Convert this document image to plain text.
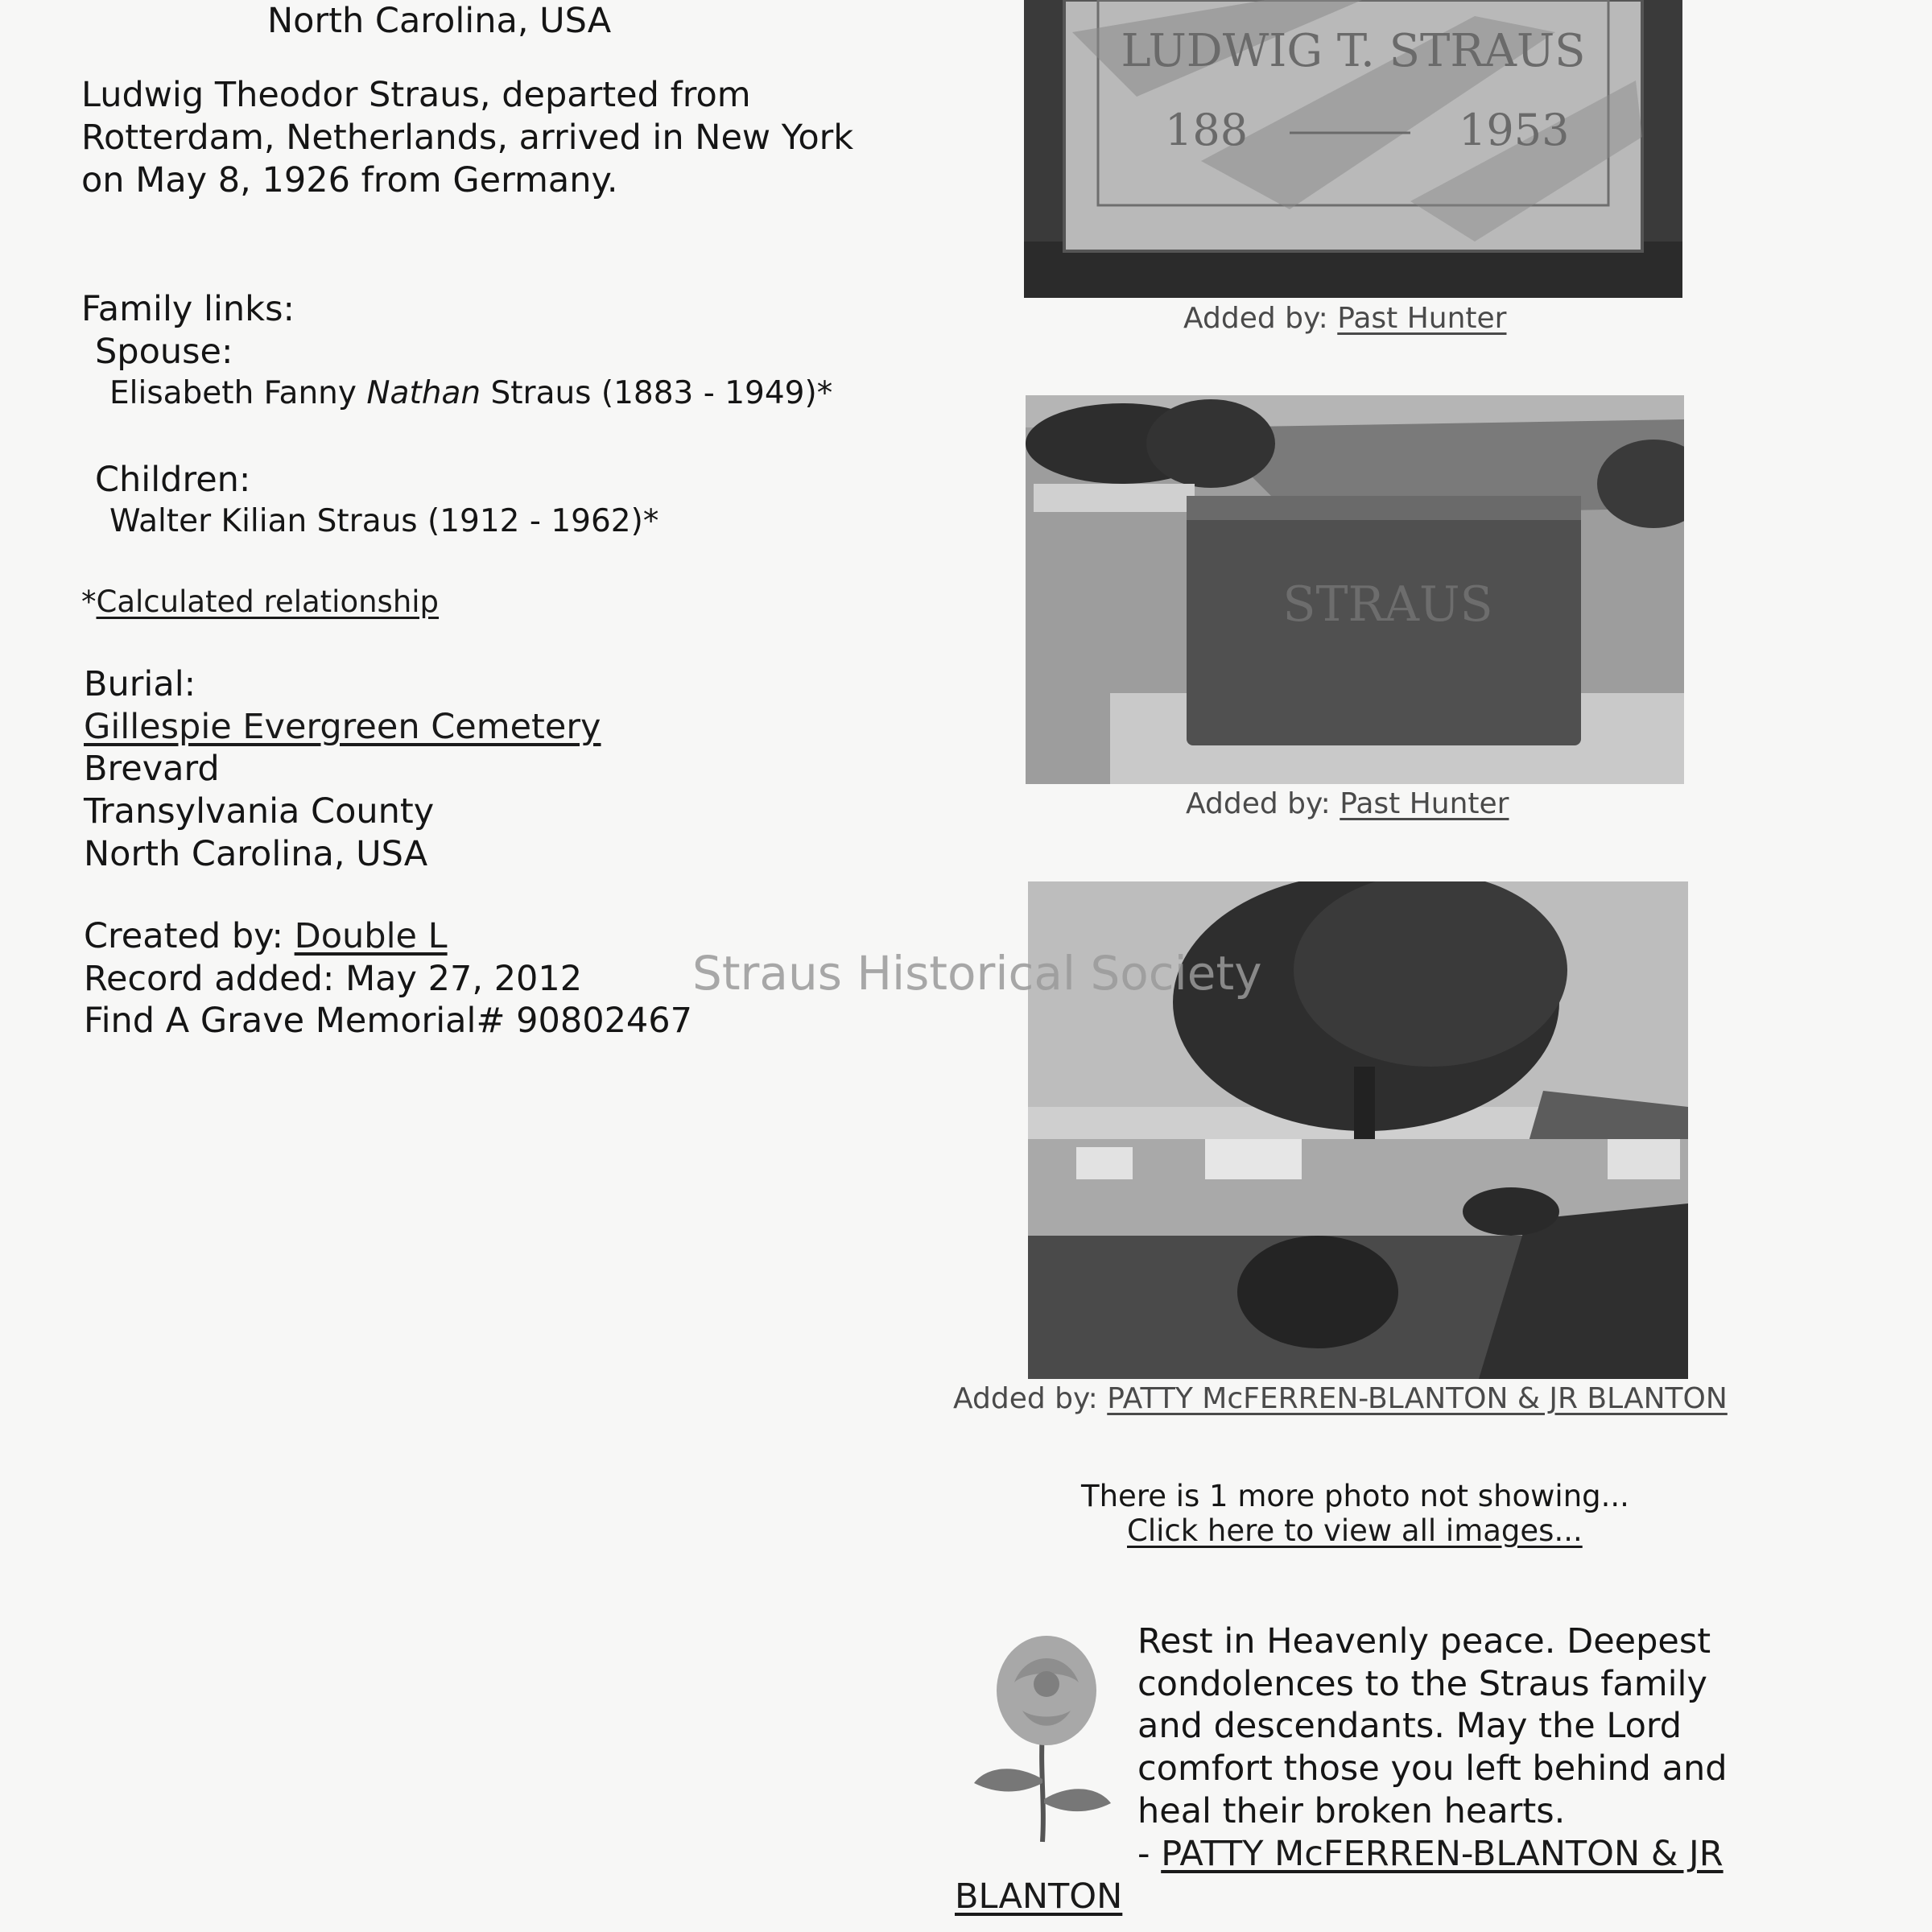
North Carolina, USA
Ludwig Theodor Straus, departed from
Rotterdam, Netherlands, arrived in New York
on May 8, 1926 from Germany.
Family links:
Spouse:
Elisabeth Fanny Nathan Straus (1883 - 1949)*
Children:
Walter Kilian Straus (1912 - 1962)*
*Calculated relationship
Burial:
Gillespie Evergreen Cemetery
Brevard
Transylvania County
North Carolina, USA
Created by: Double L
Record added: May 27, 2012
Find A Grave Memorial# 90802467
LUDWIG T. STRAUS
188	1953
Added by: Past Hunter
STRAUS
Added by: Past Hunter
Added by: PATTY McFERREN-BLANTON & JR BLANTON
There is 1 more photo not showing...
Click here to view all images...
Rest in Heavenly peace. Deepest
condolences to the Straus family
and descendants. May the Lord
comfort those you left behind and
heal their broken hearts.
- PATTY McFERREN-BLANTON & JR
BLANTON
Straus Historical Society
